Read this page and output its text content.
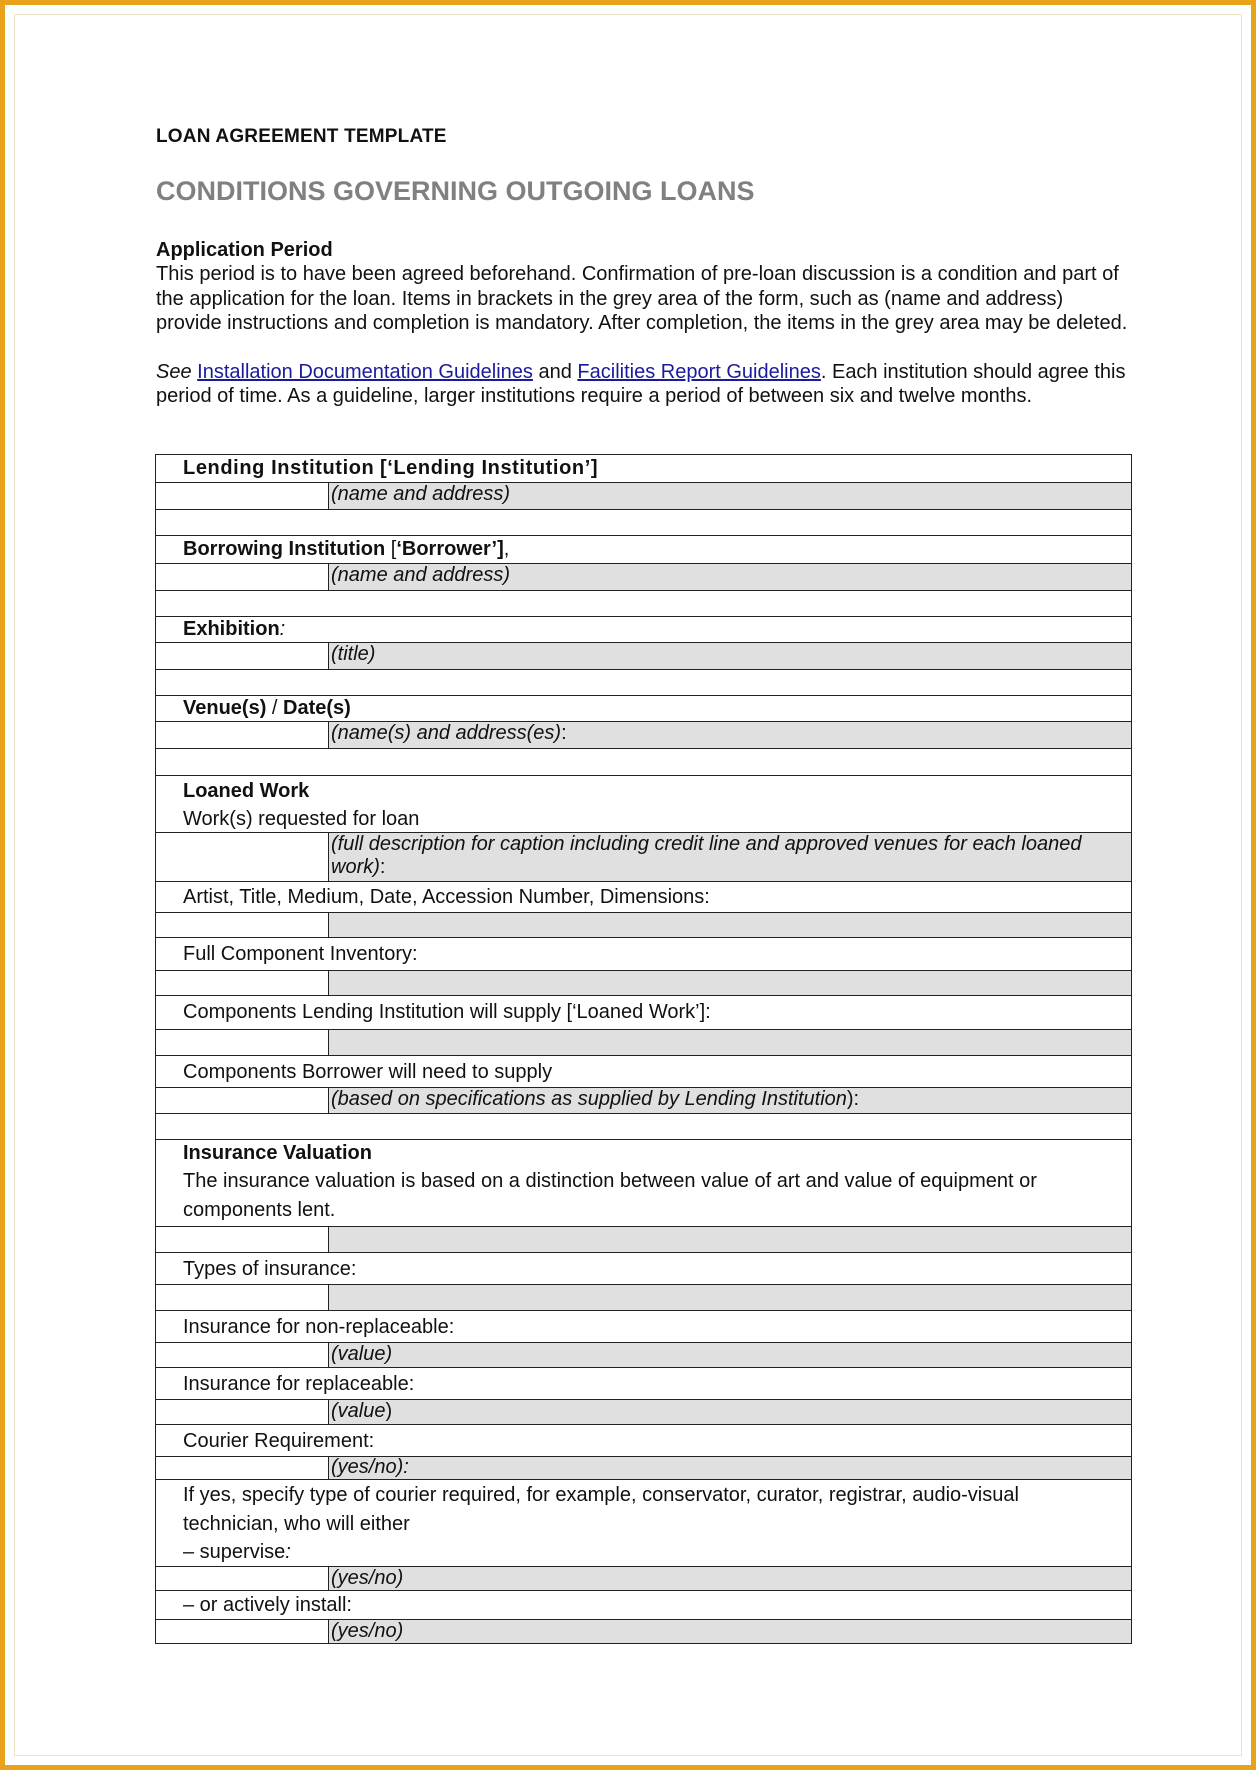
LOAN AGREEMENT TEMPLATE

CONDITIONS GOVERNING OUTGOING LOANS
Application Period

This period is to have been agreed beforehand. Confirmation of pre-loan discussion is a condition and part of the application for the loan. Items in brackets in the grey area of the form, such as (name and address) provide instructions and completion is mandatory. After completion, the items in the grey area may be deleted.

See Installation Documentation Guidelines and Facilities Report Guidelines. Each institution should agree this period of time. As a guideline, larger institutions require a period of between six and twelve months.

Lending Institution [‘Lending Institution’]	

	(name and address)

Borrowing Institution [‘Borrower’],	

	(name and address)

Exhibition:	

	(title)

Venue(s) / Date(s)	

	(name(s) and address(es):

Loaned Work
Work(s) requested for loan	

	(full description for caption including credit line and approved venues for each loaned work):

Artist, Title, Medium, Date, Accession Number, Dimensions:	

Full Component Inventory:	

Components Lending Institution will supply [‘Loaned Work’]:	

Components Borrower will need to supply	

	(based on specifications as supplied by Lending Institution):

Insurance Valuation
The insurance valuation is based on a distinction between value of art and value of equipment or components lent.	

Types of insurance:	

Insurance for non-replaceable:	

	(value)

Insurance for replaceable:	

	(value)

Courier Requirement:	

	(yes/no):

If yes, specify type of courier required, for example, conservator, curator, registrar, audio-visual technician, who will either
– supervise:	

	(yes/no)

– or actively install:	

	(yes/no)
